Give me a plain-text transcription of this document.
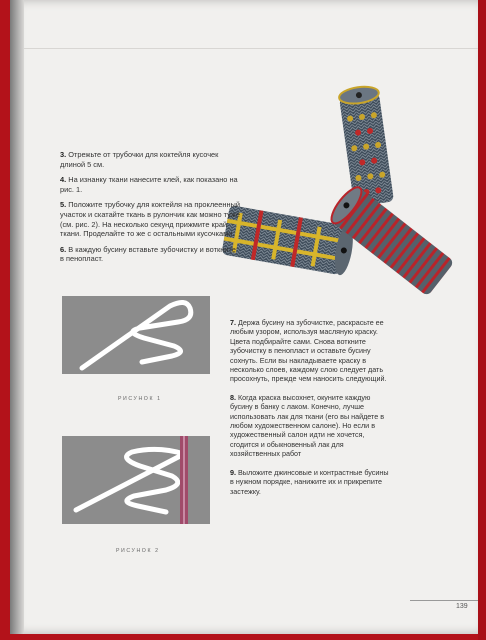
3. Отрежьте от трубочки для коктейля кусочек длиной 5 см.

4. На изнанку ткани нанесите клей, как показано на рис. 1.

5. Положите трубочку для коктейля на проклеенный участок и скатайте ткань в рулончик как можно туже (см. рис. 2). На несколько секунд прижмите край ткани. Проделайте то же с остальными кусочками.

6. В каждую бусину вставьте зубочистку и воткните в пенопласт.

РИСУНОК 1
РИСУНОК 2

7. Держа бусину на зубочистке, раскрасьте ее любым узором, используя масляную краску. Цвета подбирайте сами. Снова воткните зубочистку в пенопласт и оставьте бусину сохнуть. Если вы накладываете краску в несколько слоев, каждому слою следует дать просохнуть, прежде чем наносить следующий.

8. Когда краска высохнет, окуните каждую бусину в банку с лаком. Конечно, лучше использовать лак для ткани (его вы найдете в любом художественном салоне). Но если в художественный салон идти не хочется, сгодится и обыкновенный лак для хозяйственных работ

9. Выложите джинсовые и контрастные бусины в нужном порядке, нанижите их и прикрепите застежку.

139
